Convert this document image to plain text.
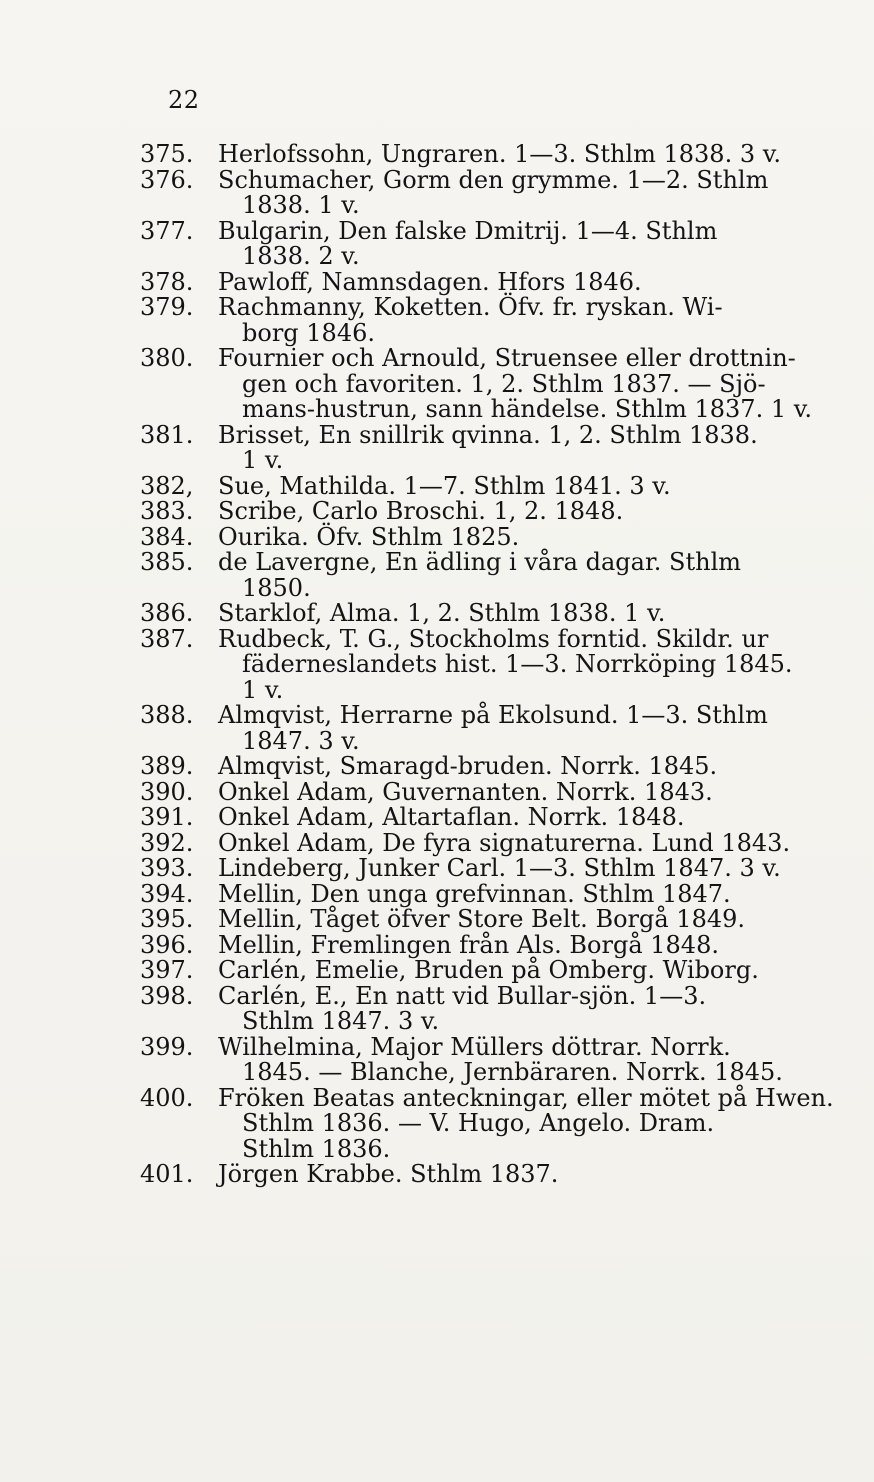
22
375.	Herlofssohn, Ungraren. 1—3. Sthlm 1838. 3 v.
376.	Schumacher, Gorm den grymme. 1—2. Sthlm
1838. 1 v.
377.	Bulgarin, Den falske Dmitrij. 1—4. Sthlm
1838. 2 v.
378.	Pawloff, Namnsdagen. Hfors 1846.
379.	Rachmanny, Koketten. Öfv. fr. ryskan. Wi-
borg 1846.
380.	Fournier och Arnould, Struensee eller drottnin-
gen och favoriten. 1, 2. Sthlm 1837. — Sjö-
mans-hustrun, sann händelse. Sthlm 1837. 1 v.
381.	Brisset, En snillrik qvinna. 1, 2. Sthlm 1838.
1 v.
382,	Sue, Mathilda. 1—7. Sthlm 1841. 3 v.
383.	Scribe, Carlo Broschi. 1, 2. 1848.
384.	Ourika. Öfv. Sthlm 1825.
385.	de Lavergne, En ädling i våra dagar. Sthlm
1850.
386.	Starklof, Alma. 1, 2. Sthlm 1838. 1 v.
387.	Rudbeck, T. G., Stockholms forntid. Skildr. ur
fäderneslandets hist. 1—3. Norrköping 1845.
1 v.
388.	Almqvist, Herrarne på Ekolsund. 1—3. Sthlm
1847. 3 v.
389.	Almqvist, Smaragd-bruden. Norrk. 1845.
390.	Onkel Adam, Guvernanten. Norrk. 1843.
391.	Onkel Adam, Altartaflan. Norrk. 1848.
392.	Onkel Adam, De fyra signaturerna. Lund 1843.
393.	Lindeberg, Junker Carl. 1—3. Sthlm 1847. 3 v.
394.	Mellin, Den unga grefvinnan. Sthlm 1847.
395.	Mellin, Tåget öfver Store Belt. Borgå 1849.
396.	Mellin, Fremlingen från Als. Borgå 1848.
397.	Carlén, Emelie, Bruden på Omberg. Wiborg.
398.	Carlén, E., En natt vid Bullar-sjön. 1—3.
Sthlm 1847. 3 v.
399.	Wilhelmina, Major Müllers döttrar. Norrk.
1845. — Blanche, Jernbäraren. Norrk. 1845.
400.	Fröken Beatas anteckningar, eller mötet på Hwen.
Sthlm 1836. — V. Hugo, Angelo. Dram.
Sthlm 1836.
401.	Jörgen Krabbe. Sthlm 1837.
